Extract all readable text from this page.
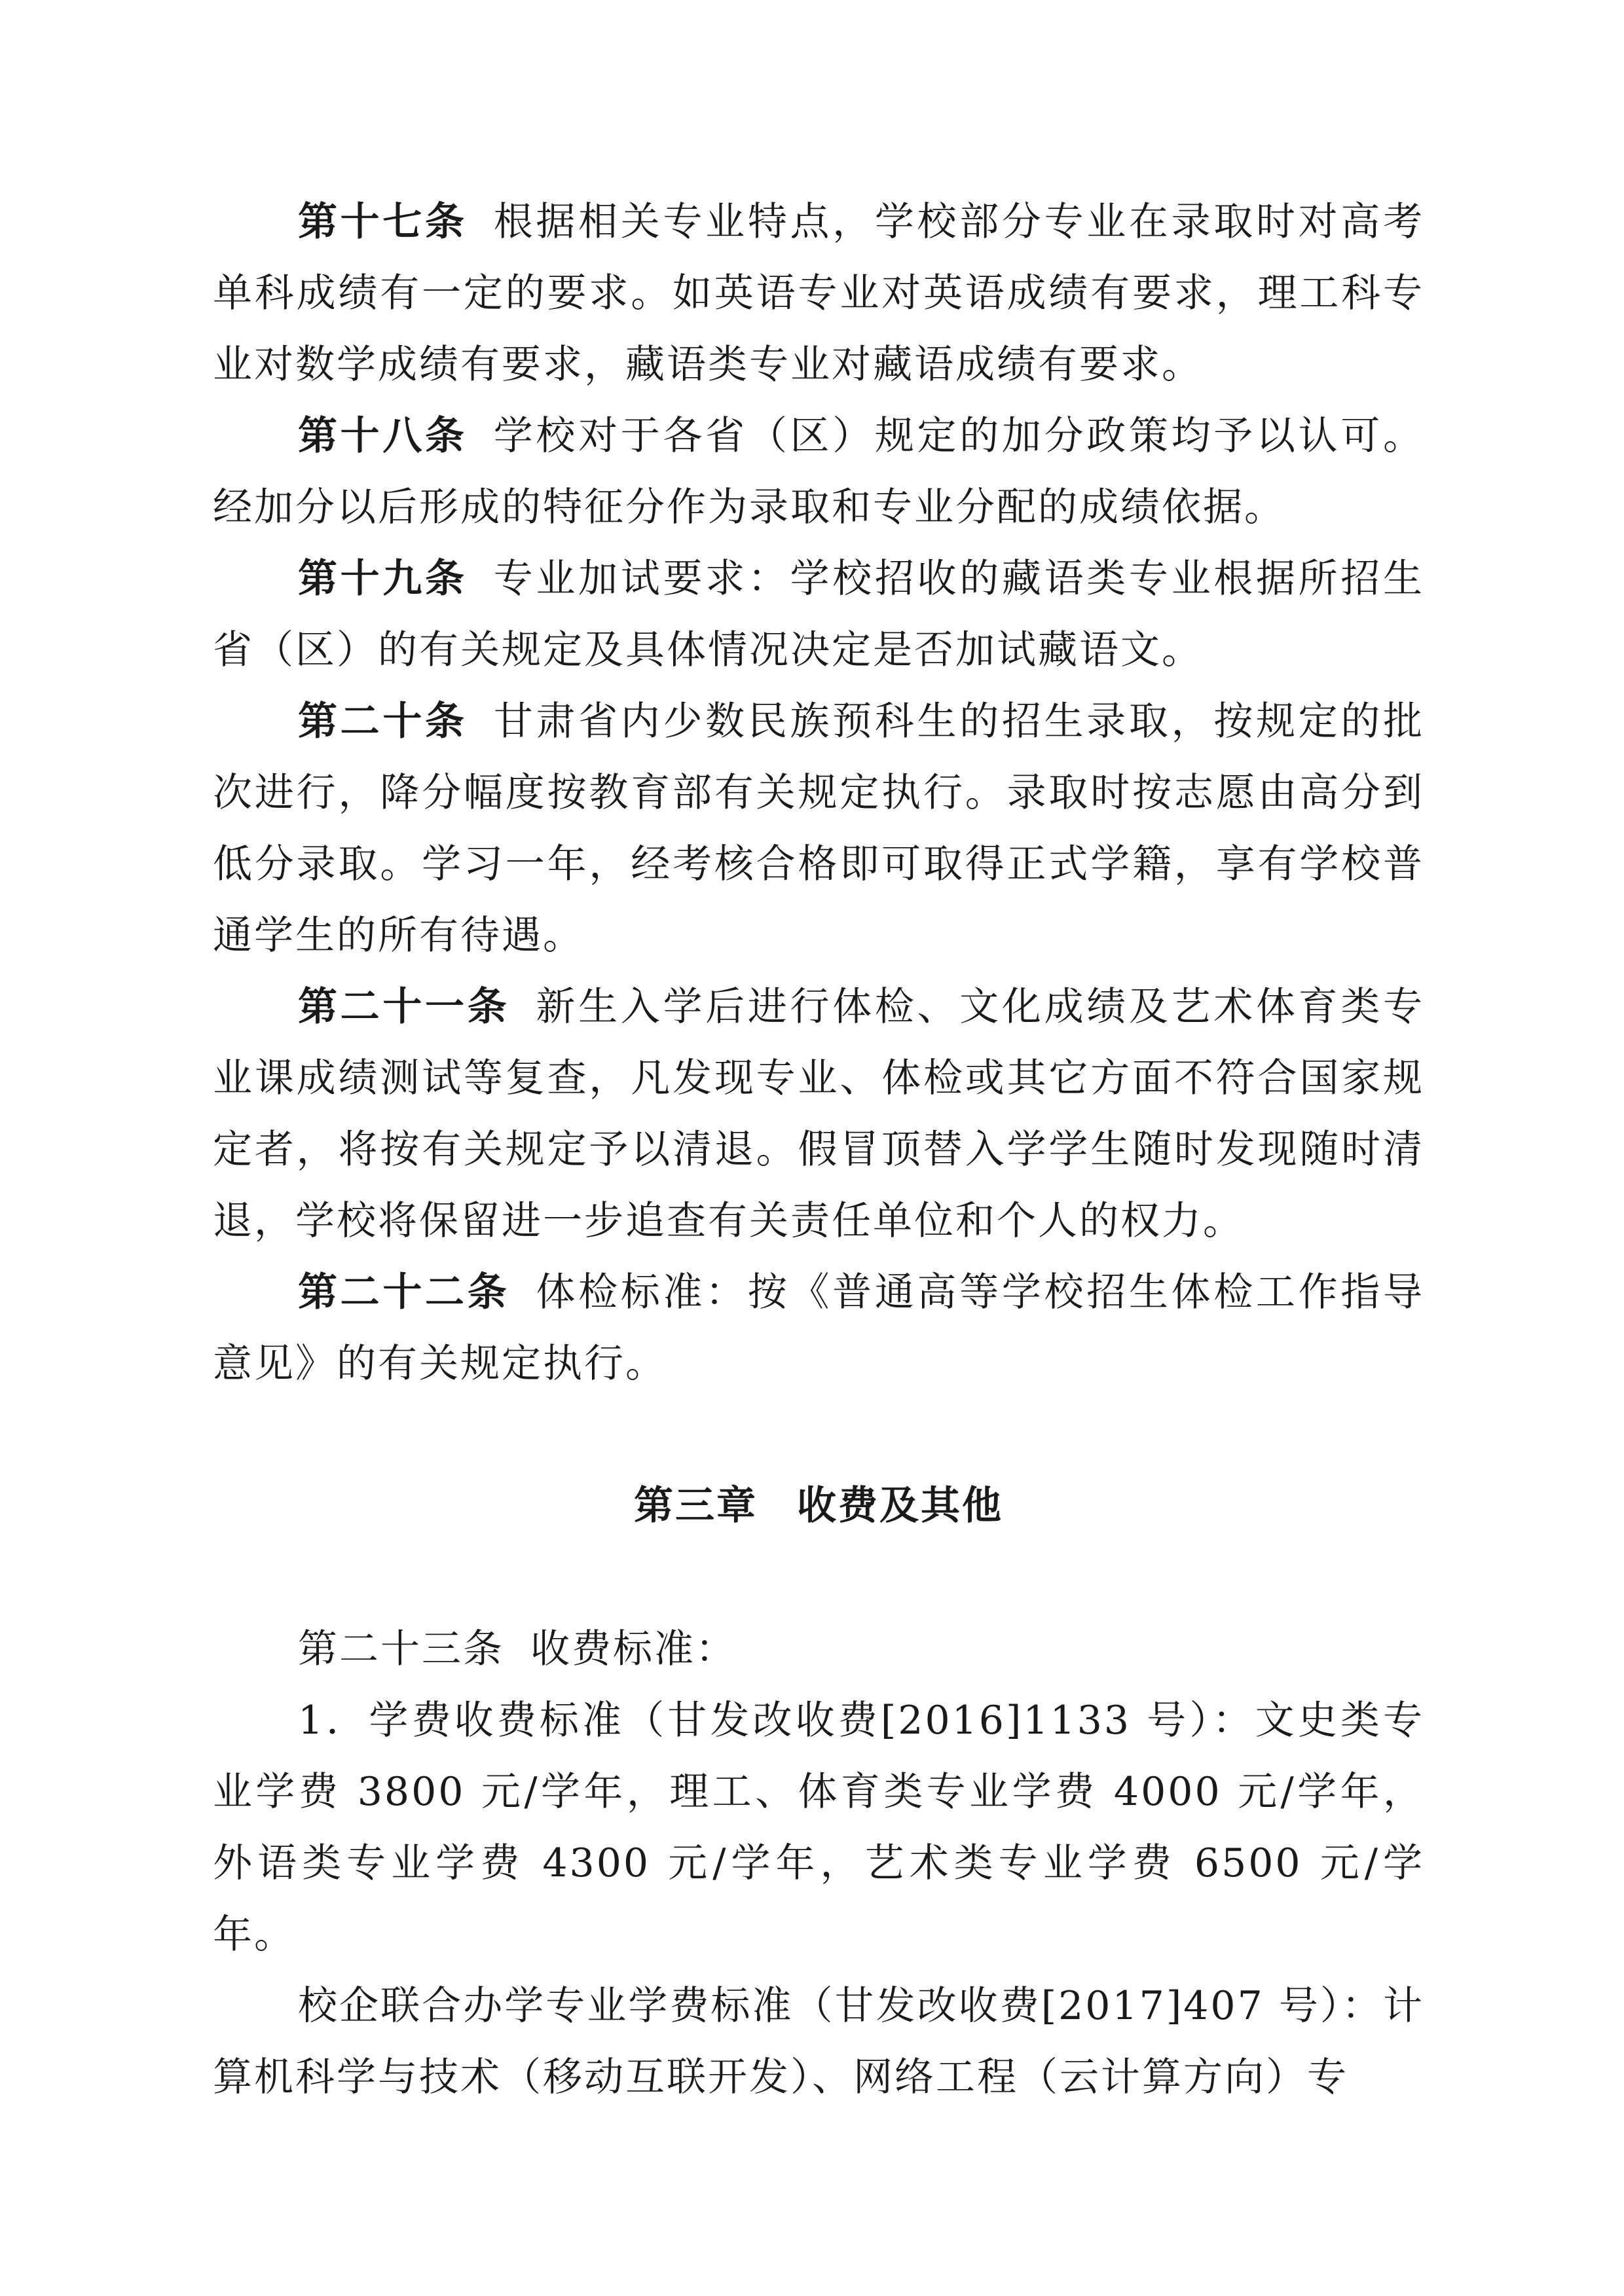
第十七条 根据相关专业特点，学校部分专业在录取时对高考单科成绩有一定的要求。如英语专业对英语成绩有要求，理工科专业对数学成绩有要求，藏语类专业对藏语成绩有要求。

第十八条 学校对于各省（区）规定的加分政策均予以认可。经加分以后形成的特征分作为录取和专业分配的成绩依据。

第十九条 专业加试要求：学校招收的藏语类专业根据所招生省（区）的有关规定及具体情况决定是否加试藏语文。

第二十条 甘肃省内少数民族预科生的招生录取，按规定的批次进行，降分幅度按教育部有关规定执行。录取时按志愿由高分到低分录取。学习一年，经考核合格即可取得正式学籍，享有学校普通学生的所有待遇。

第二十一条 新生入学后进行体检、文化成绩及艺术体育类专业课成绩测试等复查，凡发现专业、体检或其它方面不符合国家规定者，将按有关规定予以清退。假冒顶替入学学生随时发现随时清退，学校将保留进一步追查有关责任单位和个人的权力。

第二十二条 体检标准：按《普通高等学校招生体检工作指导意见》的有关规定执行。

第三章 收费及其他

第二十三条 收费标准：

1．学费收费标准（甘发改收费[2016]1133 号）：文史类专业学费 3800 元/学年，理工、体育类专业学费 4000 元/学年，外语类专业学费 4300 元/学年，艺术类专业学费 6500 元/学年。

校企联合办学专业学费标准（甘发改收费[2017]407 号）：计算机科学与技术（移动互联开发）、网络工程（云计算方向）专
